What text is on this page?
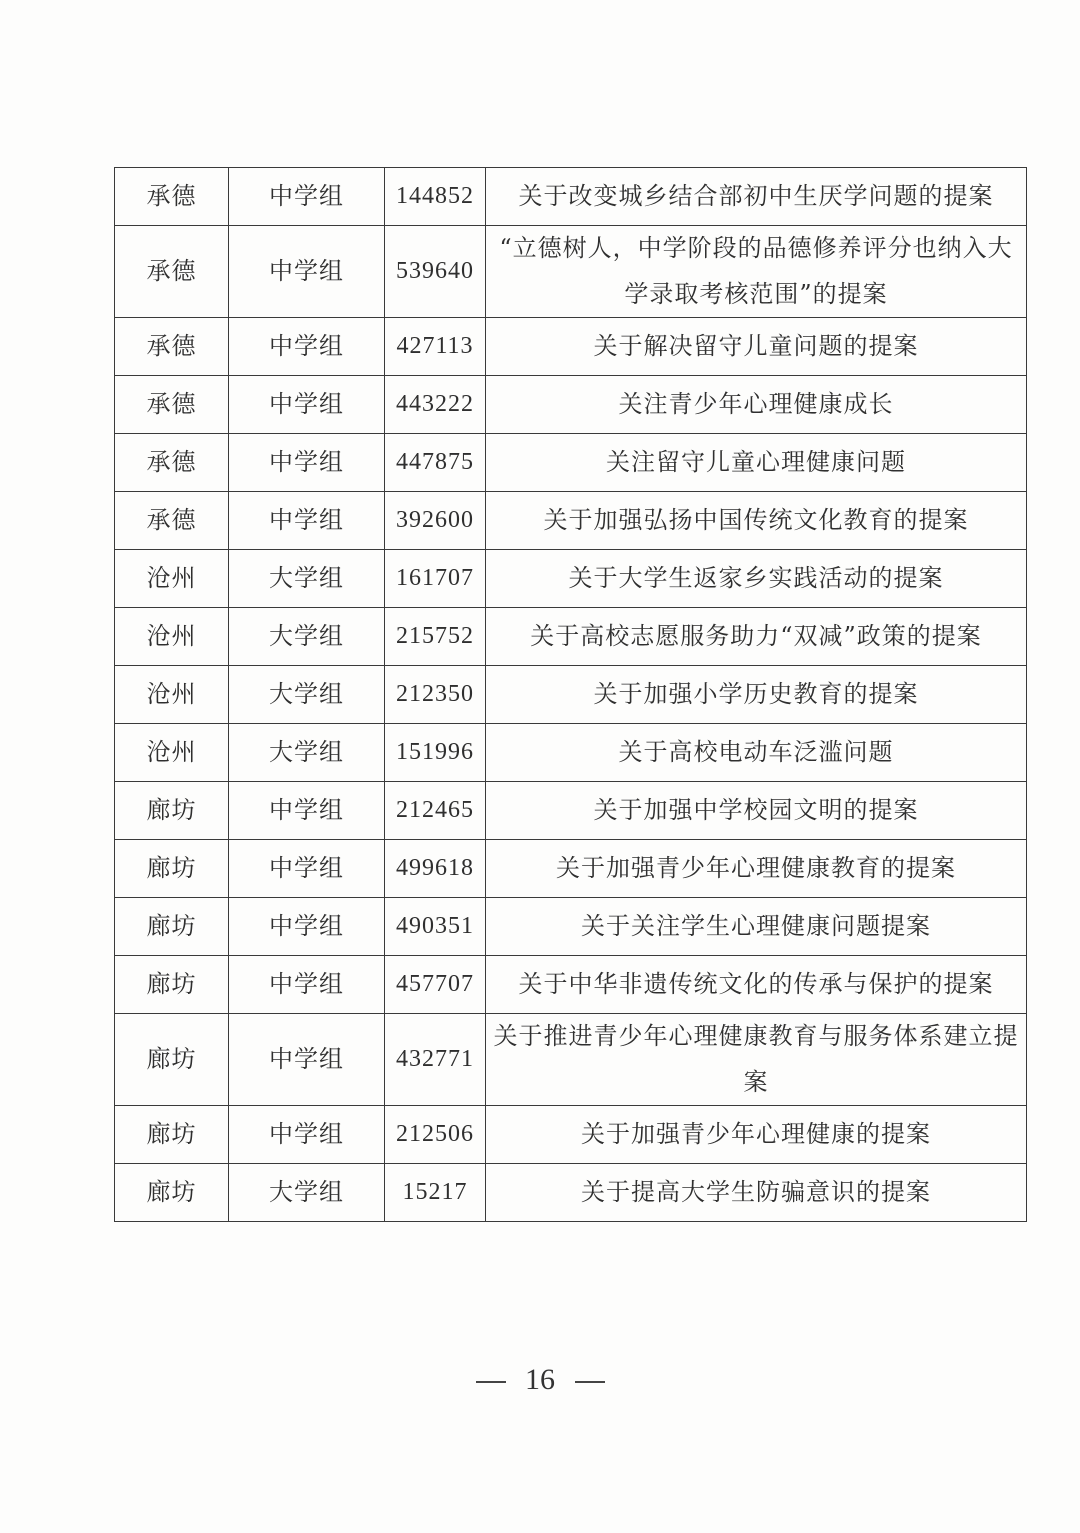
承德	中学组	144852	关于改变城乡结合部初中生厌学问题的提案
承德	中学组	539640	“立德树人，中学阶段的品德修养评分也纳入大学录取考核范围”的提案
承德	中学组	427113	关于解决留守儿童问题的提案
承德	中学组	443222	关注青少年心理健康成长
承德	中学组	447875	关注留守儿童心理健康问题
承德	中学组	392600	关于加强弘扬中国传统文化教育的提案
沧州	大学组	161707	关于大学生返家乡实践活动的提案
沧州	大学组	215752	关于高校志愿服务助力“双减”政策的提案
沧州	大学组	212350	关于加强小学历史教育的提案
沧州	大学组	151996	关于高校电动车泛滥问题
廊坊	中学组	212465	关于加强中学校园文明的提案
廊坊	中学组	499618	关于加强青少年心理健康教育的提案
廊坊	中学组	490351	关于关注学生心理健康问题提案
廊坊	中学组	457707	关于中华非遗传统文化的传承与保护的提案
廊坊	中学组	432771	关于推进青少年心理健康教育与服务体系建立提案
廊坊	中学组	212506	关于加强青少年心理健康的提案
廊坊	大学组	15217	关于提高大学生防骗意识的提案
16
